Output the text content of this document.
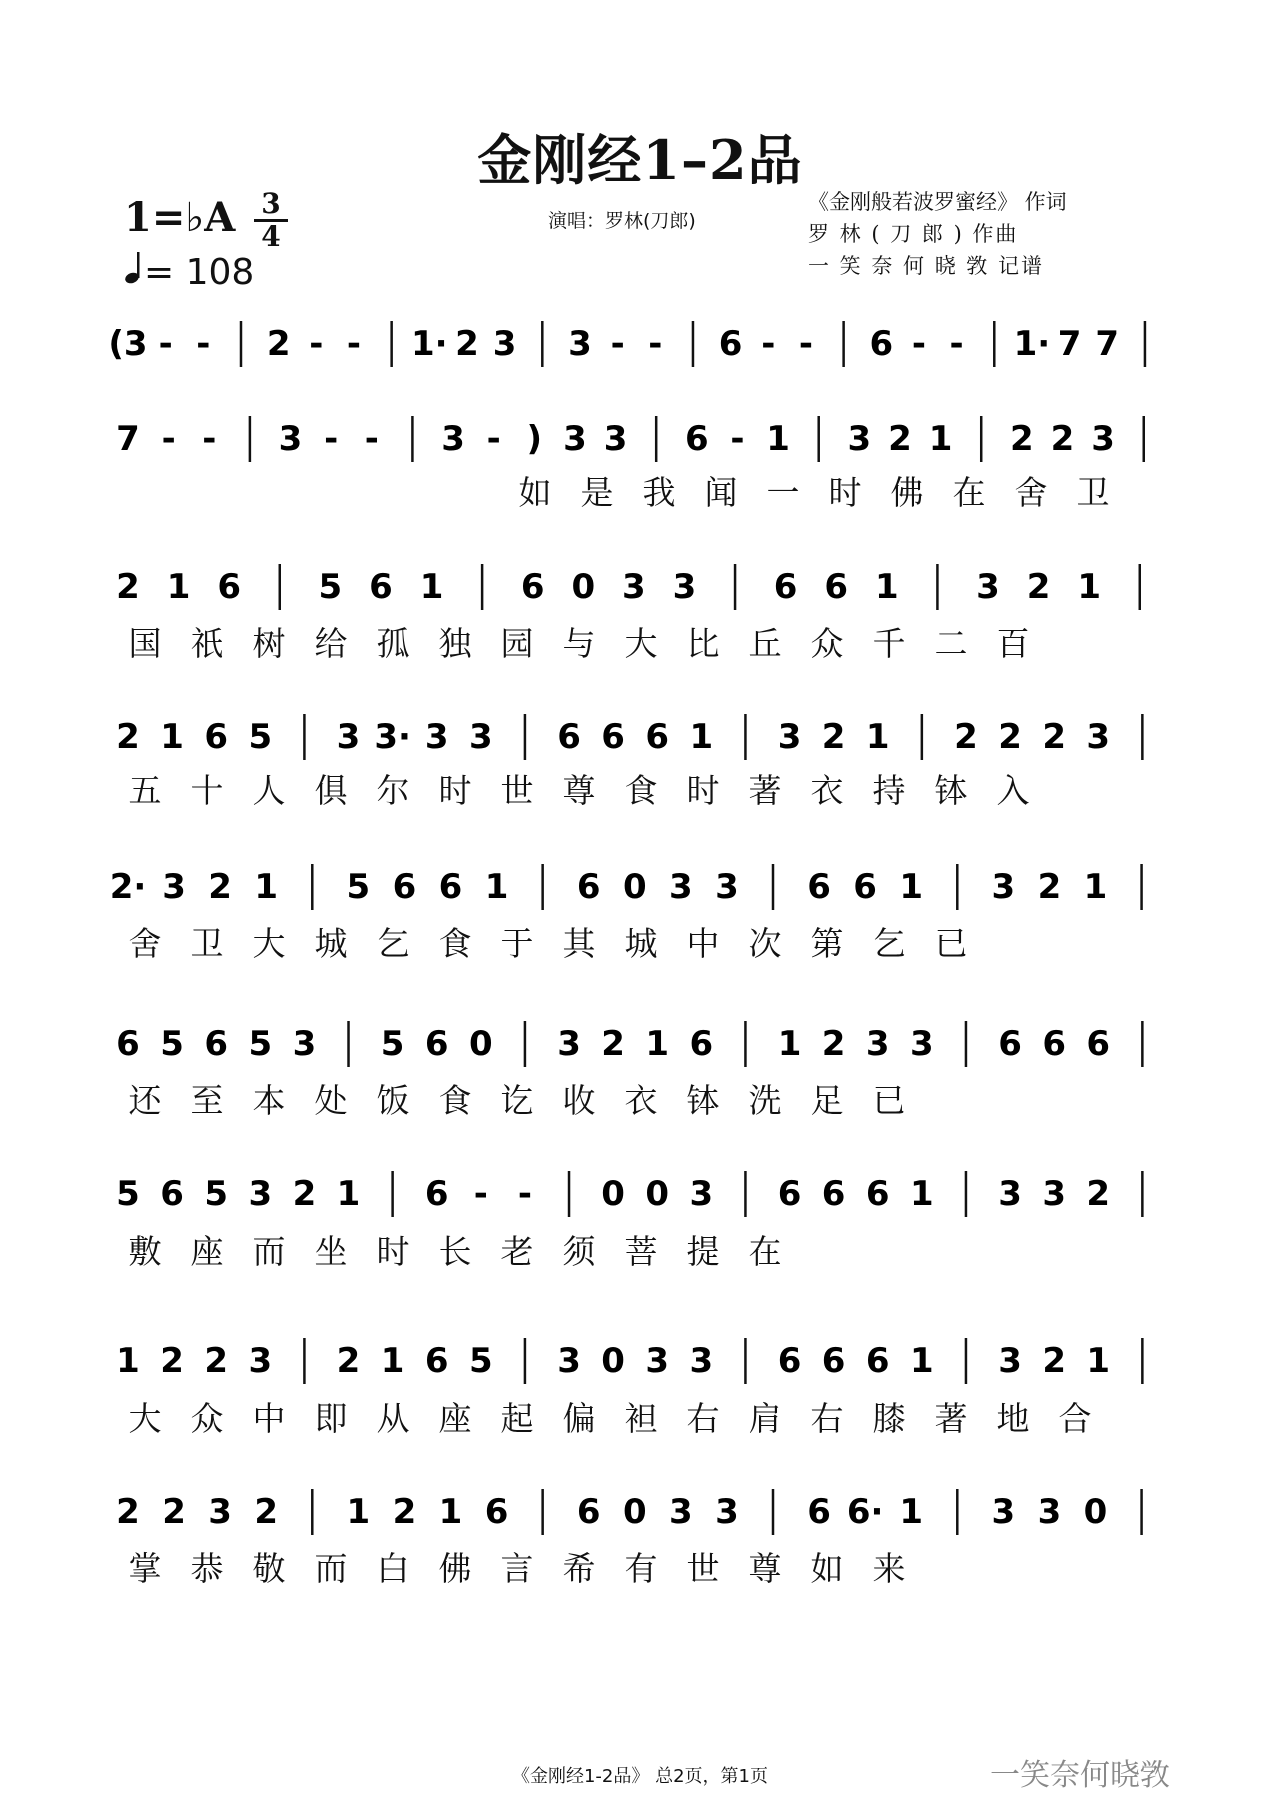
金刚经1–2品
1=♭A 3
4
= 108
演唱：罗林(刀郎)
《金刚般若波罗蜜经》 作词
罗 林 ( 刀 郎 ) 作曲
一 笑 奈 何 晓 敩 记谱
(3 - - 2 - - 1· 2 3 3 - - 6 - - 6 - - 1· 7 7
7 - - 3 - - 3 - ) 3 3 6 - 1 3 2 1 2 2 3
2 1 6 5 6 1 6 0 3 3 6 6 1 3 2 1
2 1 6 5 3 3· 3 3 6 6 6 1 3 2 1 2 2 2 3
2· 3 2 1 5 6 6 1 6 0 3 3 6 6 1 3 2 1
6 5 6 5 3 5 6 0 3 2 1 6 1 2 3 3 6 6 6
5 6 5 3 2 1 6 - - 0 0 3 6 6 6 1 3 3 2
1 2 2 3 2 1 6 5 3 0 3 3 6 6 6 1 3 2 1
2 2 3 2 1 2 1 6 6 0 3 3 6 6· 1 3 3 0
如 是 我 闻 一 时 佛 在 舍 卫
国 祇 树 给 孤 独 园 与 大 比 丘 众 千 二 百
五 十 人 俱 尔 时 世 尊 食 时 著 衣 持 钵 入
舍 卫 大 城 乞 食 于 其 城 中 次 第 乞 已
还 至 本 处 饭 食 讫 收 衣 钵 洗 足 已
敷 座 而 坐 时 长 老 须 菩 提 在
大 众 中 即 从 座 起 偏 袒 右 肩 右 膝 著 地 合
掌 恭 敬 而 白 佛 言 希 有 世 尊 如 来
《金刚经1-2品》 总2页，第1页	一笑奈何晓敩
